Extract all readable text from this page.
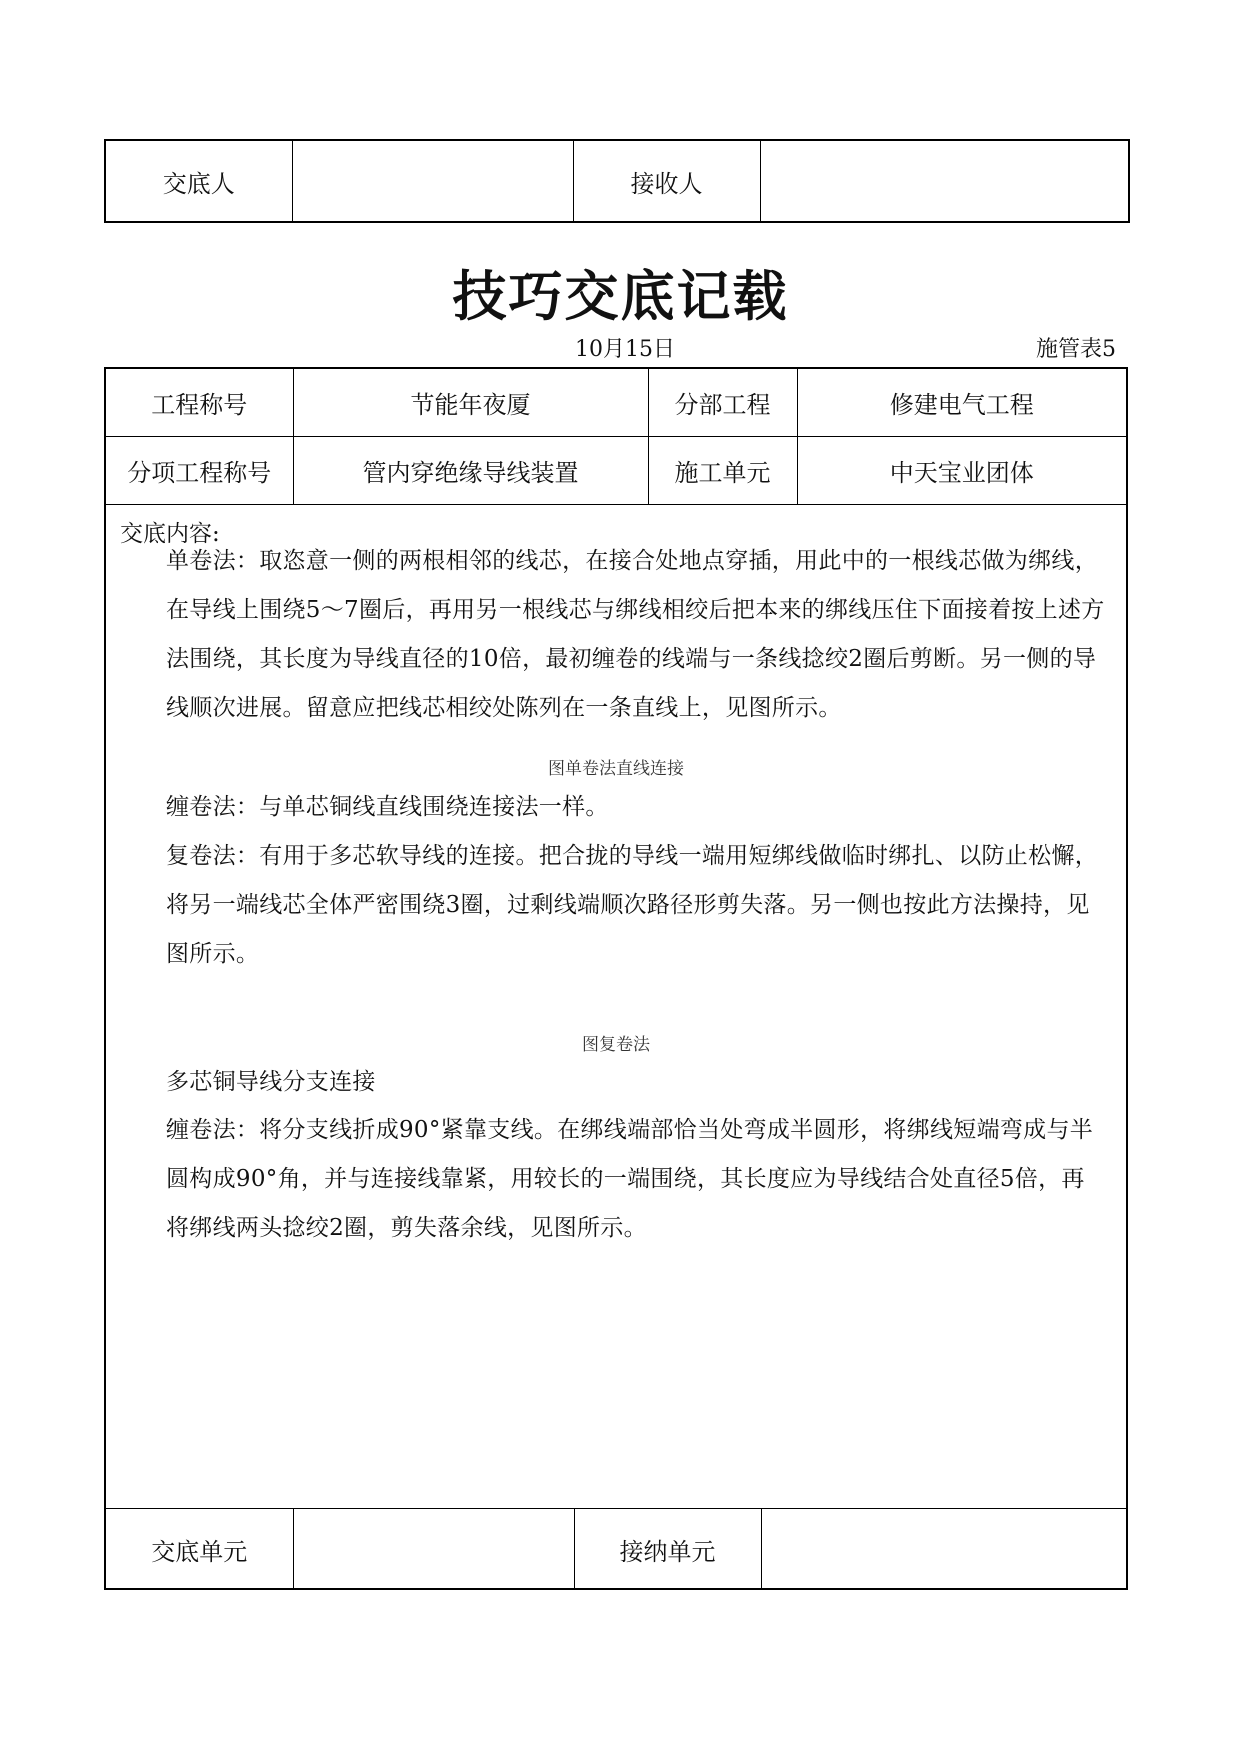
交底人		接收人	
技巧交底记载
10月15日	施管表5
工程称号	节能年夜厦	分部工程	修建电气工程
分项工程称号	管内穿绝缘导线装置	施工单元	中天宝业团体
交底内容:
单卷法：取恣意一侧的两根相邻的线芯，在接合处地点穿插，用此中的一根线芯做为绑线，在导线上围绕5～7圈后，再用另一根线芯与绑线相绞后把本来的绑线压住下面接着按上述方法围绕，其长度为导线直径的10倍，最初缠卷的线端与一条线捻绞2圈后剪断。另一侧的导线顺次进展。留意应把线芯相绞处陈列在一条直线上，见图所示。
图单卷法直线连接
缠卷法：与单芯铜线直线围绕连接法一样。
复卷法：有用于多芯软导线的连接。把合拢的导线一端用短绑线做临时绑扎、以防止松懈，将另一端线芯全体严密围绕3圈，过剩线端顺次路径形剪失落。另一侧也按此方法操持，见图所示。
图复卷法
多芯铜导线分支连接
缠卷法：将分支线折成90°紧靠支线。在绑线端部恰当处弯成半圆形，将绑线短端弯成与半圆构成90°角，并与连接线靠紧，用较长的一端围绕，其长度应为导线结合处直径5倍，再将绑线两头捻绞2圈，剪失落余线，见图所示。
交底单元		接纳单元	
